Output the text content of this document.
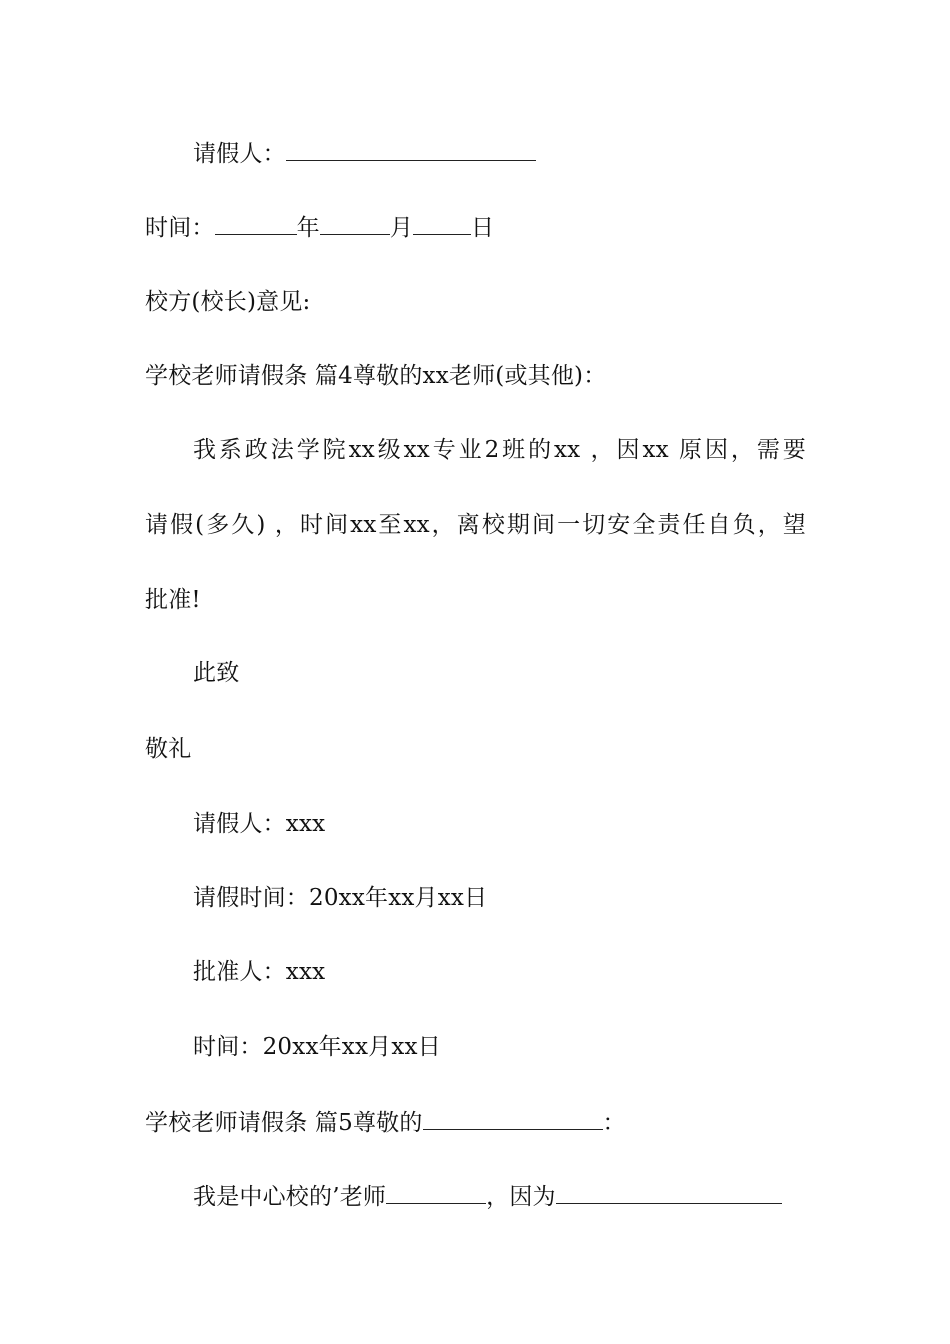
请假人：
时间：	年	月	日
校方(校长)意见:
学校老师请假条 篇4尊敬的xx老师(或其他)：
我系政法学院xx级xx专业2班的xx ，因xx 原因，需要
请假(多久) ，时间xx至xx，离校期间一切安全责任自负，望
批准!
此致
敬礼
请假人：xxx
请假时间：20xx年xx月xx日
批准人：xxx
时间：20xx年xx月xx日
学校老师请假条 篇5尊敬的	：
我是中心校的’老师	，因为
